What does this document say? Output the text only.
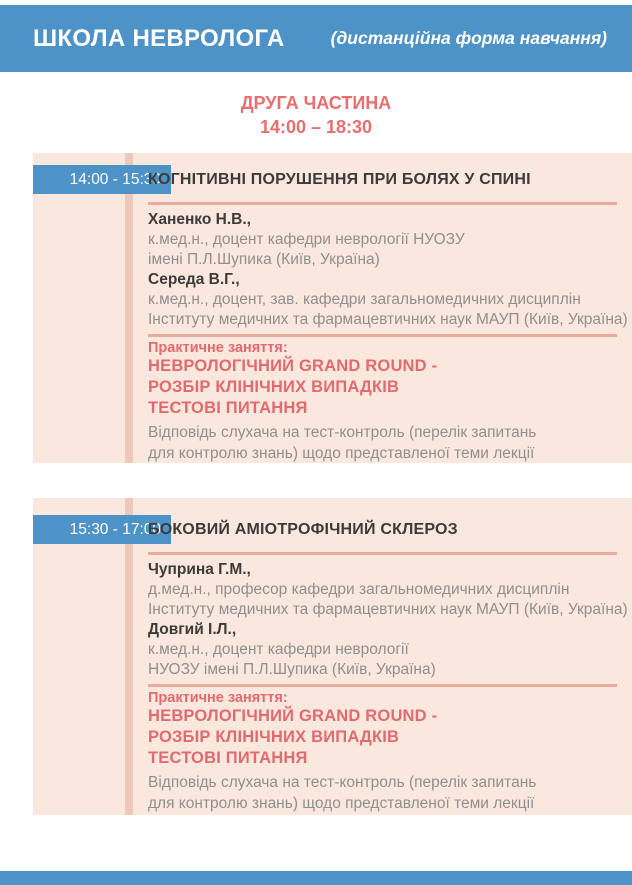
ШКОЛА НЕВРОЛОГА	(дистанційна форма навчання)
ДРУГА ЧАСТИНА
14:00 – 18:30
14:00 - 15:30
КОГНІТИВНІ ПОРУШЕННЯ ПРИ БОЛЯХ У СПИНІ
Ханенко Н.В.,
к.мед.н., доцент кафедри неврології НУОЗУ
імені П.Л.Шупика (Київ, Україна)
Середа В.Г.,
к.мед.н., доцент, зав. кафедри загальномедичних дисциплін
Інституту медичних та фармацевтичних наук МАУП (Київ, Україна)
Практичне заняття:
НЕВРОЛОГІЧНИЙ GRAND ROUND -
РОЗБІР КЛІНІЧНИХ ВИПАДКІВ
ТЕСТОВІ ПИТАННЯ
Відповідь слухача на тест-контроль (перелік запитань
для контролю знань) щодо представленої теми лекції
15:30 - 17:00
БОКОВИЙ АМІОТРОФІЧНИЙ СКЛЕРОЗ
Чуприна Г.М.,
д.мед.н., професор кафедри загальномедичних дисциплін
Інституту медичних та фармацевтичних наук МАУП (Київ, Україна)
Довгий І.Л.,
к.мед.н., доцент кафедри неврології
НУОЗУ імені П.Л.Шупика (Київ, Україна)
Практичне заняття:
НЕВРОЛОГІЧНИЙ GRAND ROUND -
РОЗБІР КЛІНІЧНИХ ВИПАДКІВ
ТЕСТОВІ ПИТАННЯ
Відповідь слухача на тест-контроль (перелік запитань
для контролю знань) щодо представленої теми лекції
